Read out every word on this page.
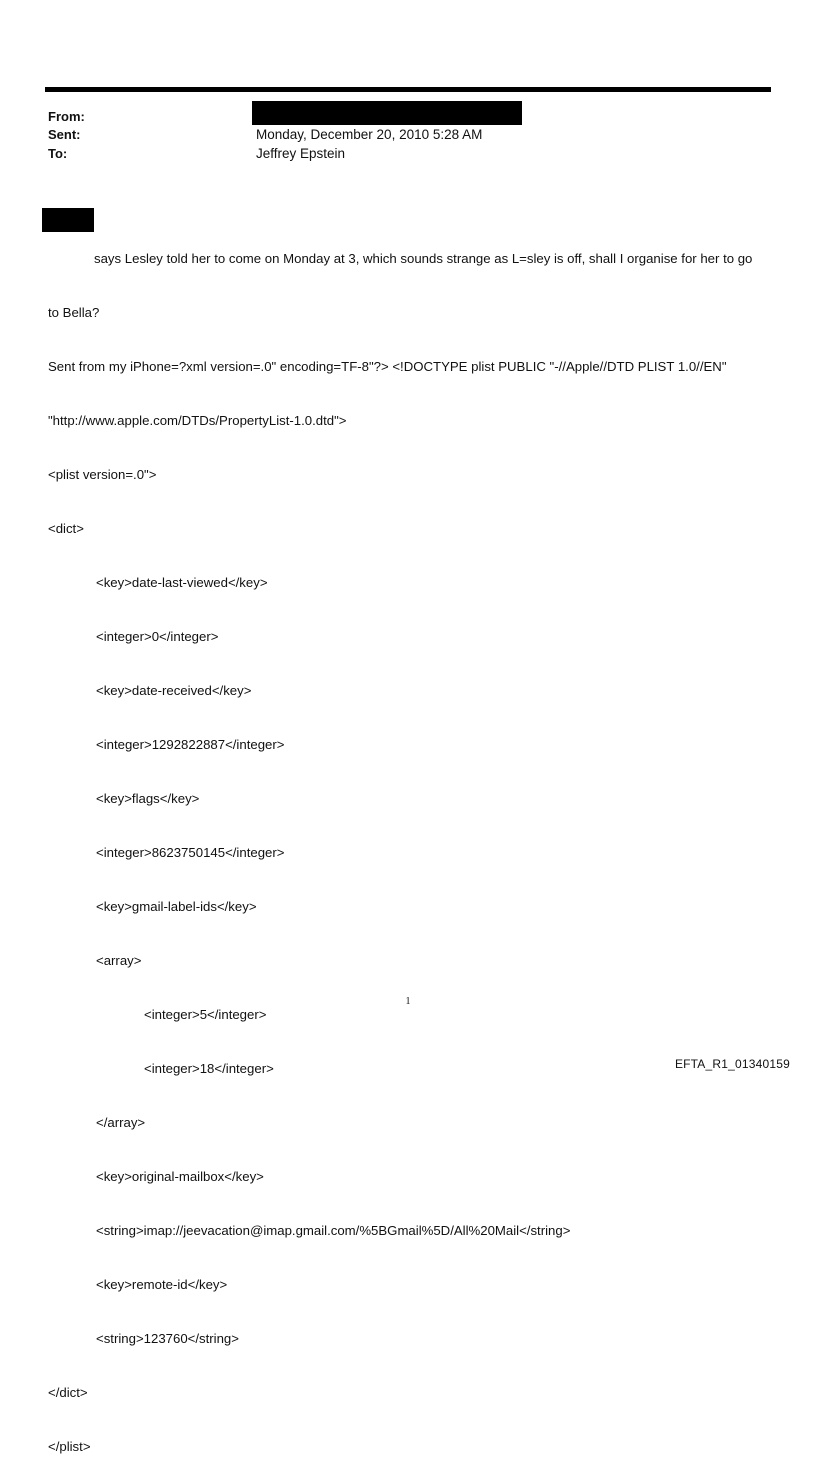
From:
Sent:	Monday, December 20, 2010 5:28 AM
To:	Jeffrey Epstein

says Lesley told her to come on Monday at 3, which sounds strange as L=sley is off, shall I organise for her to go

to Bella?

Sent from my iPhone=?xml version=.0" encoding=TF-8"?> <!DOCTYPE plist PUBLIC "-//Apple//DTD PLIST 1.0//EN"

"http://www.apple.com/DTDs/PropertyList-1.0.dtd">

<plist version=.0">

<dict>

<key>date-last-viewed</key>

<integer>0</integer>

<key>date-received</key>

<integer>1292822887</integer>

<key>flags</key>

<integer>8623750145</integer>

<key>gmail-label-ids</key>

<array>

<integer>5</integer>

<integer>18</integer>

</array>

<key>original-mailbox</key>

<string>imap://jeevacation@imap.gmail.com/%5BGmail%5D/All%20Mail</string>

<key>remote-id</key>

<string>123760</string>

</dict>

</plist>

1
EFTA_R1_01340159
